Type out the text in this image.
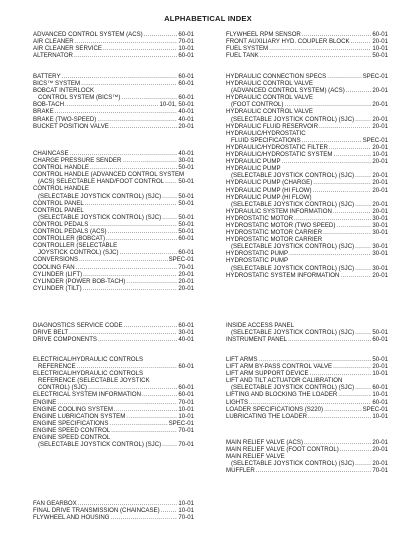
ALPHABETICAL INDEX
ADVANCED CONTROL SYSTEM (ACS) .....	60-01
AIR CLEANER .....	70-01
AIR CLEANER SERVICE .....	10-01
ALTERNATOR .....	60-01
BATTERY .....	60-01
BICS™ SYSTEM .....	60-01
BOBCAT INTERLOCK
CONTROL SYSTEM (BICS™) .....	60-01
BOB-TACH .....	10-01, 50-01
BRAKE .....	40-01
BRAKE (TWO-SPEED) .....	40-01
BUCKET POSITION VALVE .....	20-01
CHAINCASE .....	40-01
CHARGE PRESSURE SENDER .....	30-01
CONTROL HANDLE .....	50-01
CONTROL HANDLE (ADVANCED CONTROL SYSTEM
(ACS) SELECTABLE HAND/FOOT CONTROL ..... 50-01
CONTROL HANDLE
(SELECTABLE JOYSTICK CONTROL) (SJC) .....	50-01
CONTROL PANEL .....	50-01
CONTROL PANEL
(SELECTABLE JOYSTICK CONTROL) (SJC) .....	50-01
CONTROL PEDALS .....	50-01
CONTROL PEDALS (ACS) .....	50-01
CONTROLLER (BOBCAT) .....	60-01
CONTROLLER (SELECTABLE
JOYSTICK CONTROL) (SJC) .....	60-01
CONVERSIONS .....	SPEC-01
COOLING FAN .....	70-01
CYLINDER (LIFT) .....	20-01
CYLINDER (POWER BOB-TACH) .....	20-01
CYLINDER (TILT) .....	20-01
DIAGNOSTICS SERVICE CODE .....	60-01
DRIVE BELT .....	30-01
DRIVE COMPONENTS .....	40-01
ELECTRICAL/HYDRAULIC CONTROLS
REFERENCE .....	60-01
ELECTRICAL/HYDRAULIC CONTROLS
REFERENCE (SELECTABLE JOYSTICK
CONTROL) (SJC) .....	60-01
ELECTRICAL SYSTEM INFORMATION .....	60-01
ENGINE .....	70-01
ENGINE COOLING SYSTEM .....	10-01
ENGINE LUBRICATION SYSTEM .....	10-01
ENGINE SPECIFICATIONS .....	SPEC-01
ENGINE SPEED CONTROL .....	70-01
ENGINE SPEED CONTROL
(SELECTABLE JOYSTICK CONTROL) (SJC) .....	70-01
FAN GEARBOX .....	10-01
FINAL DRIVE TRANSMISSION (CHAINCASE) .....	10-01
FLYWHEEL AND HOUSING .....	70-01
FLYWHEEL RPM SENSOR .....	60-01
FRONT AUXILIARY HYD. COUPLER BLOCK .....	20-01
FUEL SYSTEM .....	10-01
FUEL TANK .....	50-01
HYDRAULIC CONNECTION SPECS .....	SPEC-01
HYDRAULIC CONTROL VALVE
(ADVANCED CONTROL SYSTEM) (ACS) .....	20-01
HYDRAULIC CONTROL VALVE
(FOOT CONTROL) .....	20-01
HYDRAULIC CONTROL VALVE
(SELECTABLE JOYSTICK CONTROL) (SJC) .....	20-01
HYDRAULIC FLUID RESERVOIR .....	20-01
HYDRAULIC/HYDROSTATIC
FLUID SPECIFICATIONS .....	SPEC-01
HYDRAULIC/HYDROSTATIC FILTER .....	20-01
HYDRAULIC/HYDROSTATIC SYSTEM .....	10-01
HYDRAULIC PUMP .....	20-01
HYDRAULIC PUMP
(SELECTABLE JOYSTICK CONTROL) (SJC) .....	20-01
HYDRAULIC PUMP (CHARGE) .....	20-01
HYDRAULIC PUMP (HI FLOW) .....	20-01
HYDRAULIC PUMP (HI FLOW)
(SELECTABLE JOYSTICK CONTROL) (SJC) .....	20-01
HYDRAULIC SYSTEM INFORMATION .....	20-01
HYDROSTATIC MOTOR .....	30-01
HYDROSTATIC MOTOR (TWO SPEED) .....	30-01
HYDROSTATIC MOTOR CARRIER .....	30-01
HYDROSTATIC MOTOR CARRIER
(SELECTABLE JOYSTICK CONTROL) (SJC) .....	30-01
HYDROSTATIC PUMP .....	30-01
HYDROSTATIC PUMP
(SELECTABLE JOYSTICK CONTROL) (SJC) .....	30-01
HYDROSTATIC SYSTEM INFORMATION .....	20-01
INSIDE ACCESS PANEL
(SELECTABLE JOYSTICK CONTROL) (SJC) .....	50-01
INSTRUMENT PANEL .....	60-01
LIFT ARMS .....	50-01
LIFT ARM BY-PASS CONTROL VALVE .....	20-01
LIFT ARM SUPPORT DEVICE .....	10-01
LIFT AND TILT ACTUATOR CALIBRATION
(SELECTABLE JOYSTICK CONTROL) (SJC) .....	60-01
LIFTING AND BLOCKING THE LOADER .....	10-01
LIGHTS .....	60-01
LOADER SPECIFICATIONS (S220) .....	SPEC-01
LUBRICATING THE LOADER .....	10-01
MAIN RELIEF VALVE (ACS) .....	20-01
MAIN RELIEF VALVE (FOOT CONTROL) .....	20-01
MAIN RELIEF VALVE
(SELECTABLE JOYSTICK CONTROL) (SJC) .....	20-01
MUFFLER .....	70-01
